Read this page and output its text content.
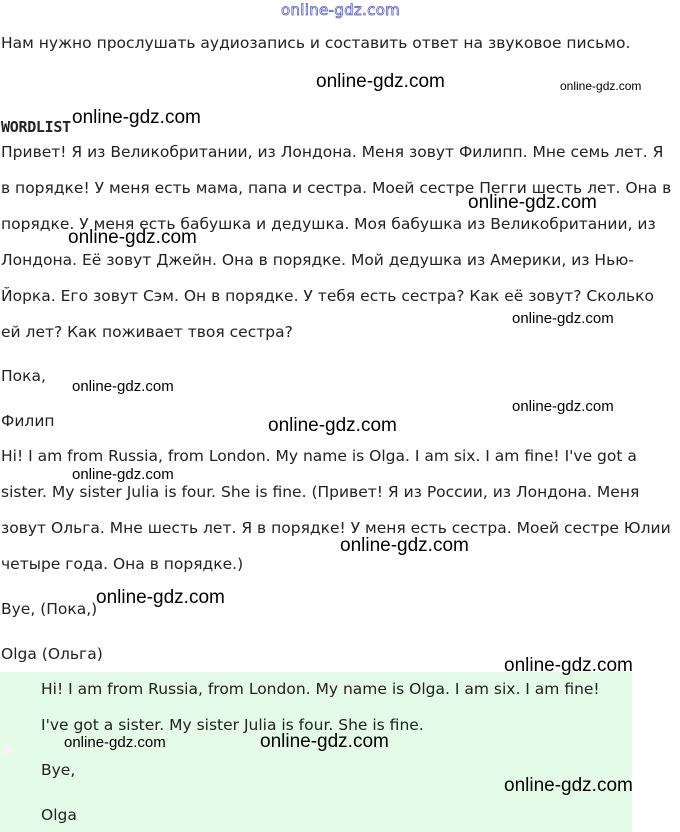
online-gdz.com
Нам нужно прослушать аудиозапись и составить ответ на звуковое письмо.
WORDLIST
Привет! Я из Великобритании, из Лондона. Меня зовут Филипп. Мне семь лет. Я
в порядке! У меня есть мама, папа и сестра. Моей сестре Пегги шесть лет. Она в
порядке. У меня есть бабушка и дедушка. Моя бабушка из Великобритании, из
Лондона. Её зовут Джейн. Она в порядке. Мой дедушка из Америки, из Нью-
Йорка. Его зовут Сэм. Он в порядке. У тебя есть сестра? Как её зовут? Сколько
ей лет? Как поживает твоя сестра?
Пока,
Филип
Hi! I am from Russia, from London. My name is Olga. I am six. I am fine! I've got a
sister. My sister Julia is four. She is fine. (Привет! Я из России, из Лондона. Меня
зовут Ольга. Мне шесть лет. Я в порядке! У меня есть сестра. Моей сестре Юлии
четыре года. Она в порядке.)
Bye, (Пока,)
Olga (Ольга)
Hi! I am from Russia, from London. My name is Olga. I am six. I am fine!
I've got a sister. My sister Julia is four. She is fine.
Bye,
Olga
online-gdz.com	online-gdz.com
online-gdz.com
online-gdz.com
online-gdz.com
online-gdz.com
online-gdz.com
online-gdz.com
online-gdz.com
online-gdz.com
online-gdz.com
online-gdz.com
online-gdz.com
online-gdz.com	online-gdz.com
online-gdz.com
